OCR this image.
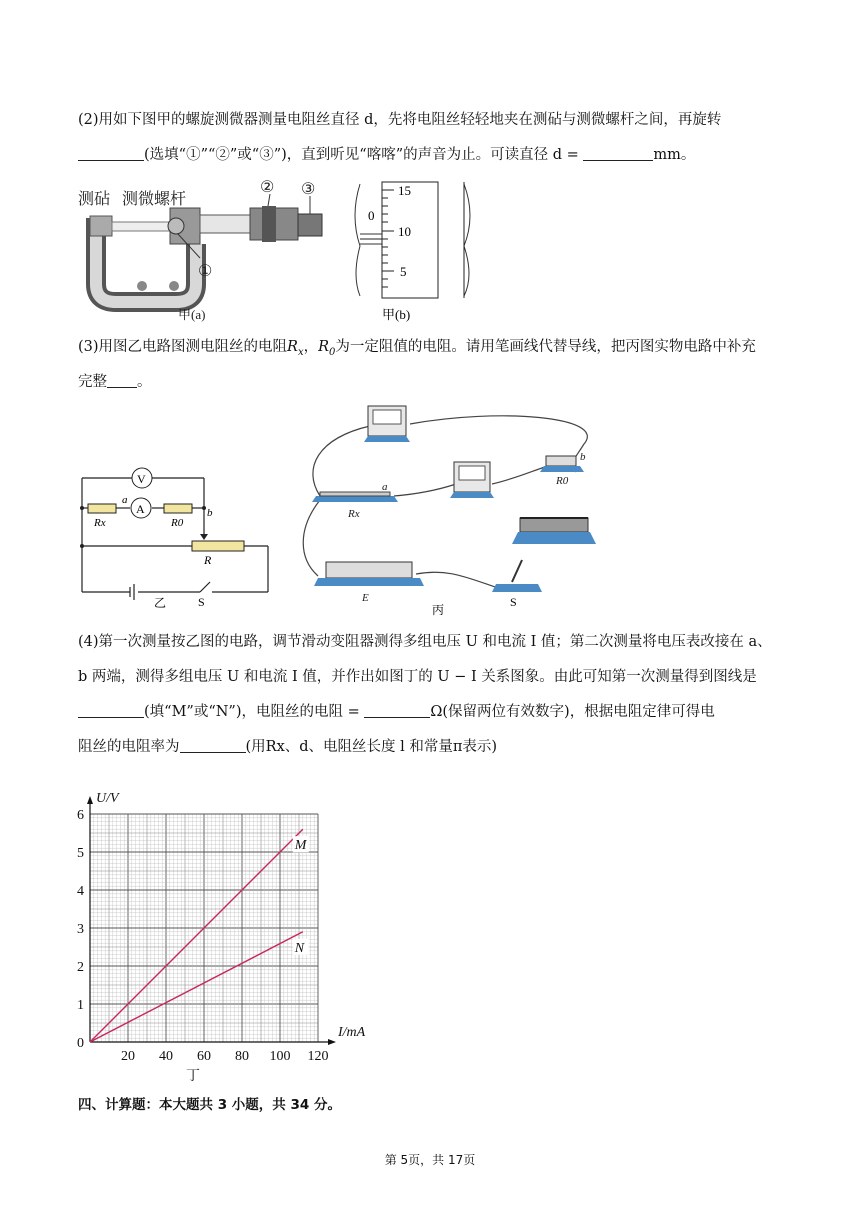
(2)用如下图甲的螺旋测微器测量电阻丝直径 d，先将电阻丝轻轻地夹在测砧与测微螺杆之间，再旋转
(选填“①”“②”或“③”)，直到听见“喀喀”的声音为止。可读直径 d =	mm。
测砧 测微螺杆
①
② ③
甲(a)
15
10
5
0
甲(b)
(3)用图乙电路图测电阻丝的电阻$R_x$，$R_0$为一定阻值的电阻。请用笔画线代替导线，把丙图实物电路中补充
完整 。
V
A
Rx	R0
a
b
R
S
乙
Rx
R0
a
b
E	S
丙
(4)第一次测量按乙图的电路，调节滑动变阻器测得多组电压 U 和电流 I 值；第二次测量将电压表改接在 a、
b 两端，测得多组电压 U 和电流 I 值，并作出如图丁的 U − I 关系图象。由此可知第一次测量得到图线是
(填“M”或“N”)，电阻丝的电阻 =	Ω(保留两位有效数字)，根据电阻定律可得电
阻丝的电阻率为	(用Rx、d、电阻丝长度 l 和常量π表示)
20 40 60 80 100 120
1
2
3
4
5
6
0
I/mA
U/V
M
N
丁
四、计算题：本大题共 3 小题，共 34 分。
第 5页，共 17页
